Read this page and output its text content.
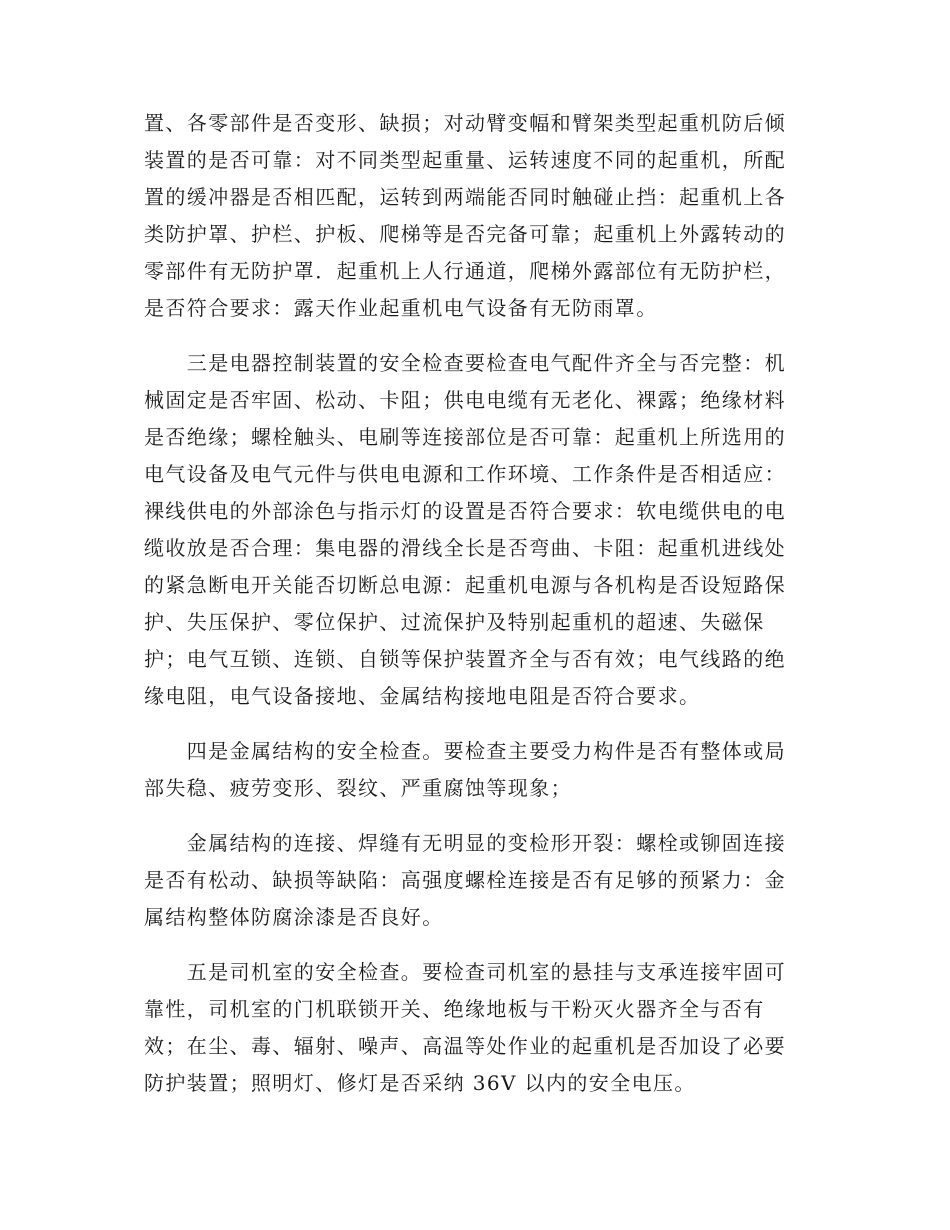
置、各零部件是否变形、缺损；对动臂变幅和臂架类型起重机防后倾
装置的是否可靠：对不同类型起重量、运转速度不同的起重机，所配
置的缓冲器是否相匹配，运转到两端能否同时触碰止挡：起重机上各
类防护罩、护栏、护板、爬梯等是否完备可靠；起重机上外露转动的
零部件有无防护罩．起重机上人行通道，爬梯外露部位有无防护栏，
是否符合要求：露天作业起重机电气设备有无防雨罩。

　　三是电器控制装置的安全检查要检查电气配件齐全与否完整：机
械固定是否牢固、松动、卡阻；供电电缆有无老化、裸露；绝缘材料
是否绝缘；螺栓触头、电刷等连接部位是否可靠：起重机上所选用的
电气设备及电气元件与供电电源和工作环境、工作条件是否相适应：
裸线供电的外部涂色与指示灯的设置是否符合要求：软电缆供电的电
缆收放是否合理：集电器的滑线全长是否弯曲、卡阻：起重机进线处
的紧急断电开关能否切断总电源：起重机电源与各机构是否设短路保
护、失压保护、零位保护、过流保护及特别起重机的超速、失磁保
护；电气互锁、连锁、自锁等保护装置齐全与否有效；电气线路的绝
缘电阻，电气设备接地、金属结构接地电阻是否符合要求。

　　四是金属结构的安全检查。要检查主要受力构件是否有整体或局
部失稳、疲劳变形、裂纹、严重腐蚀等现象；

　　金属结构的连接、焊缝有无明显的变检形开裂：螺栓或铆固连接
是否有松动、缺损等缺陷：高强度螺栓连接是否有足够的预紧力：金
属结构整体防腐涂漆是否良好。

　　五是司机室的安全检查。要检查司机室的悬挂与支承连接牢固可
靠性，司机室的门机联锁开关、绝缘地板与干粉灭火器齐全与否有
效；在尘、毒、辐射、噪声、高温等处作业的起重机是否加设了必要
防护装置；照明灯、修灯是否采纳 36V 以内的安全电压。
